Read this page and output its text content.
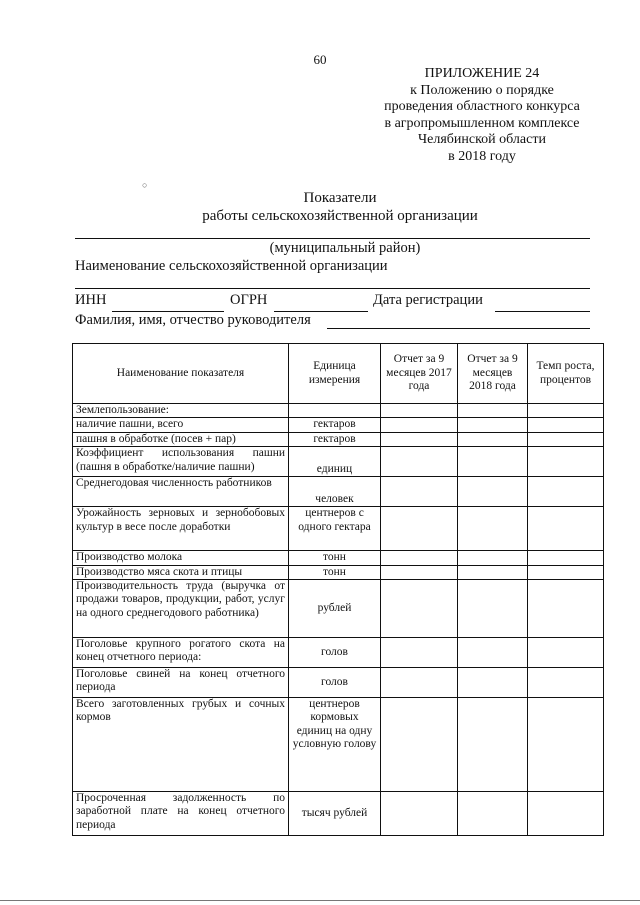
60
ПРИЛОЖЕНИЕ 24
к Положению о порядке
проведения областного конкурса
в агропромышленном комплексе
Челябинской области
в 2018 году
○
Показатели
работы сельскохозяйственной организации
(муниципальный район)
Наименование сельскохозяйственной организации
ИНН	ОГРН	Дата регистрации
Фамилия, имя, отчество руководителя
Наименование показателя	Единица измерения	Отчет за 9 месяцев 2017 года	Отчет за 9 месяцев 2018 года	Темп роста, процентов
Землепользование:				
наличие пашни, всего	гектаров			
пашня в обработке (посев + пар)	гектаров			
Коэффициент использования пашни (пашня в обработке/наличие пашни)	единиц			
Среднегодовая численность работников	человек			
Урожайность зерновых и зернобобовых культур в весе после доработки	центнеров с одного гектара			
Производство молока	тонн			
Производство мяса скота и птицы	тонн			
Производительность труда (выручка от продажи товаров, продукции, работ, услуг на одного среднегодового работника)	рублей			
Поголовье крупного рогатого скота на конец отчетного периода:	голов			
Поголовье свиней на конец отчетного периода	голов			
Всего заготовленных грубых и сочных кормов	центнеров кормовых единиц на одну условную голову			
Просроченная задолженность по заработной плате на конец отчетного периода	тысяч рублей			
